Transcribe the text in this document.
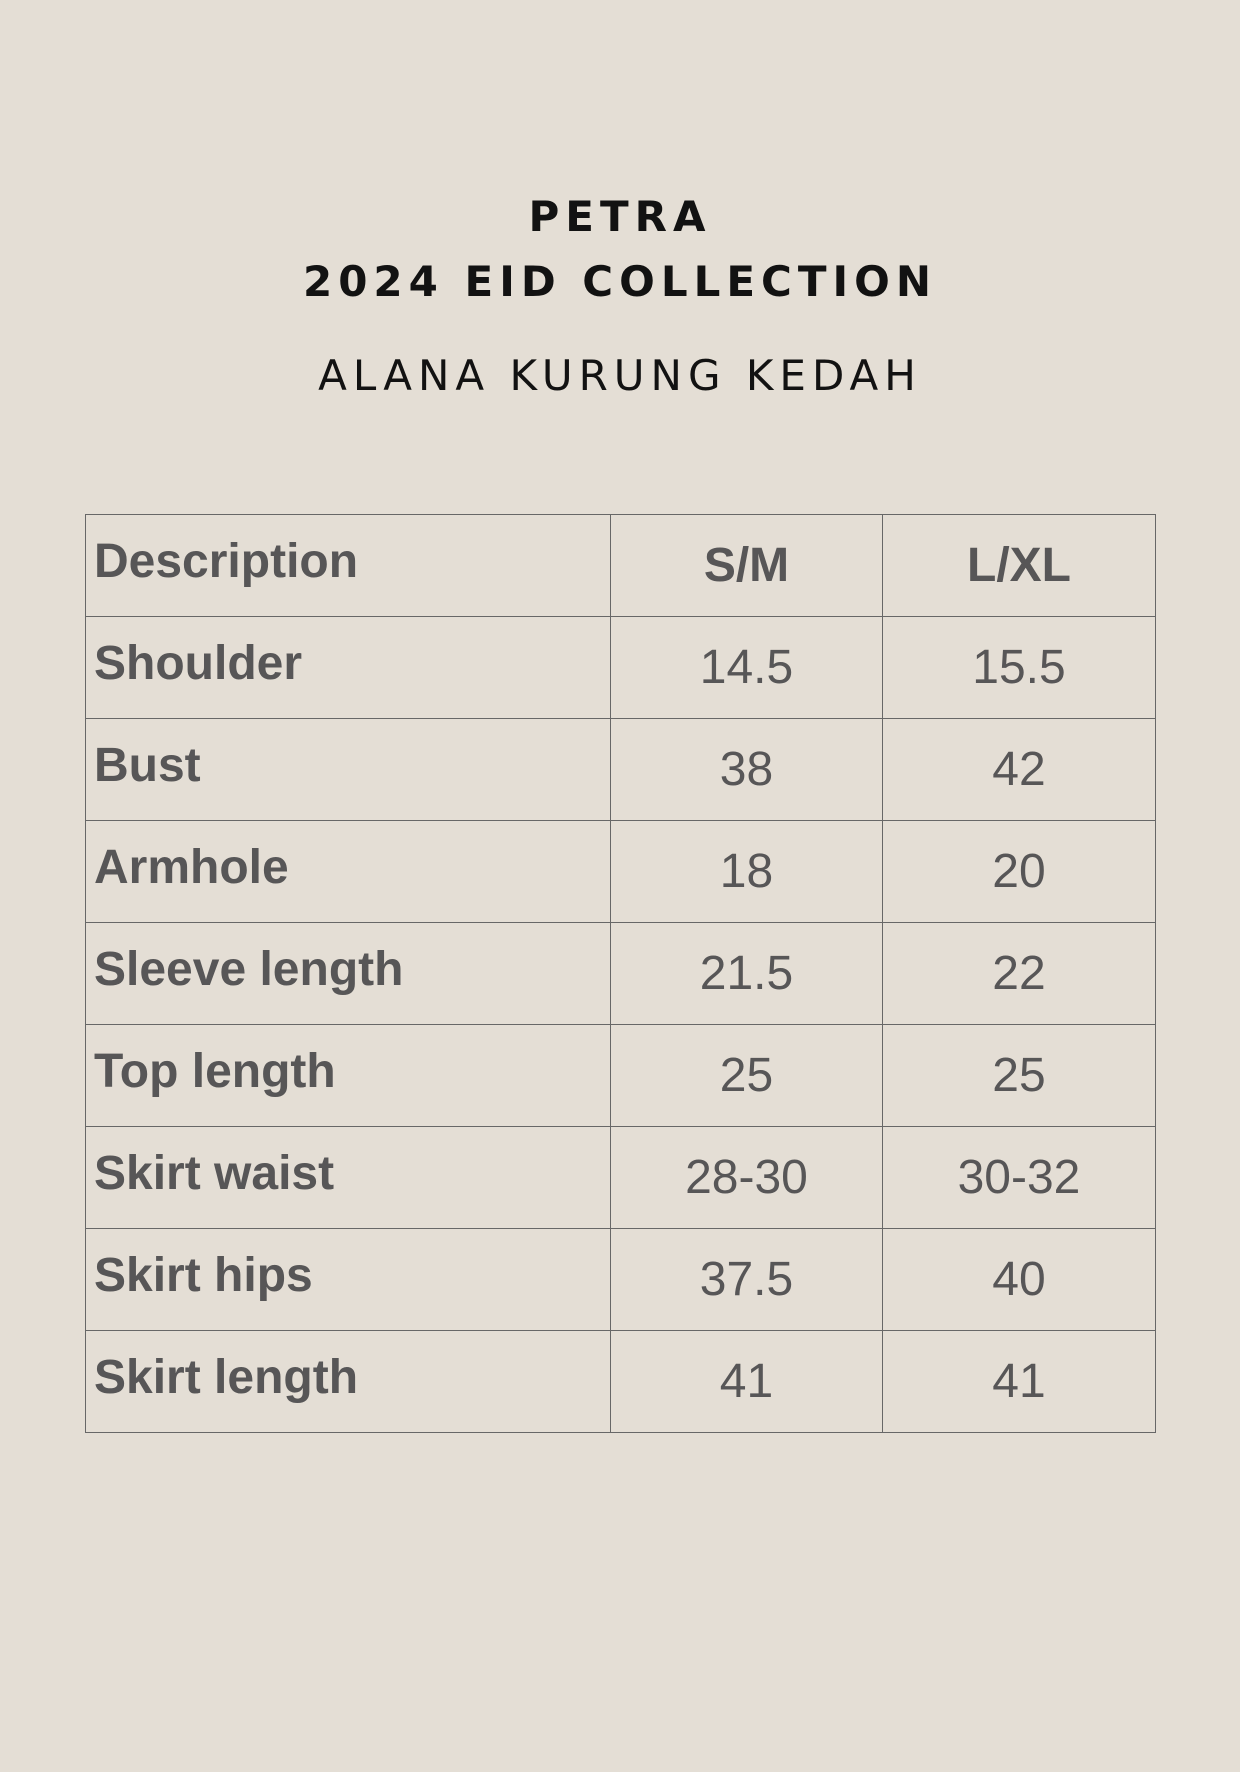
PETRA
2024 EID COLLECTION
ALANA KURUNG KEDAH
Description	S/M	L/XL
Shoulder	14.5	15.5
Bust	38	42
Armhole	18	20
Sleeve length	21.5	22
Top length	25	25
Skirt waist	28-30	30-32
Skirt hips	37.5	40
Skirt length	41	41
